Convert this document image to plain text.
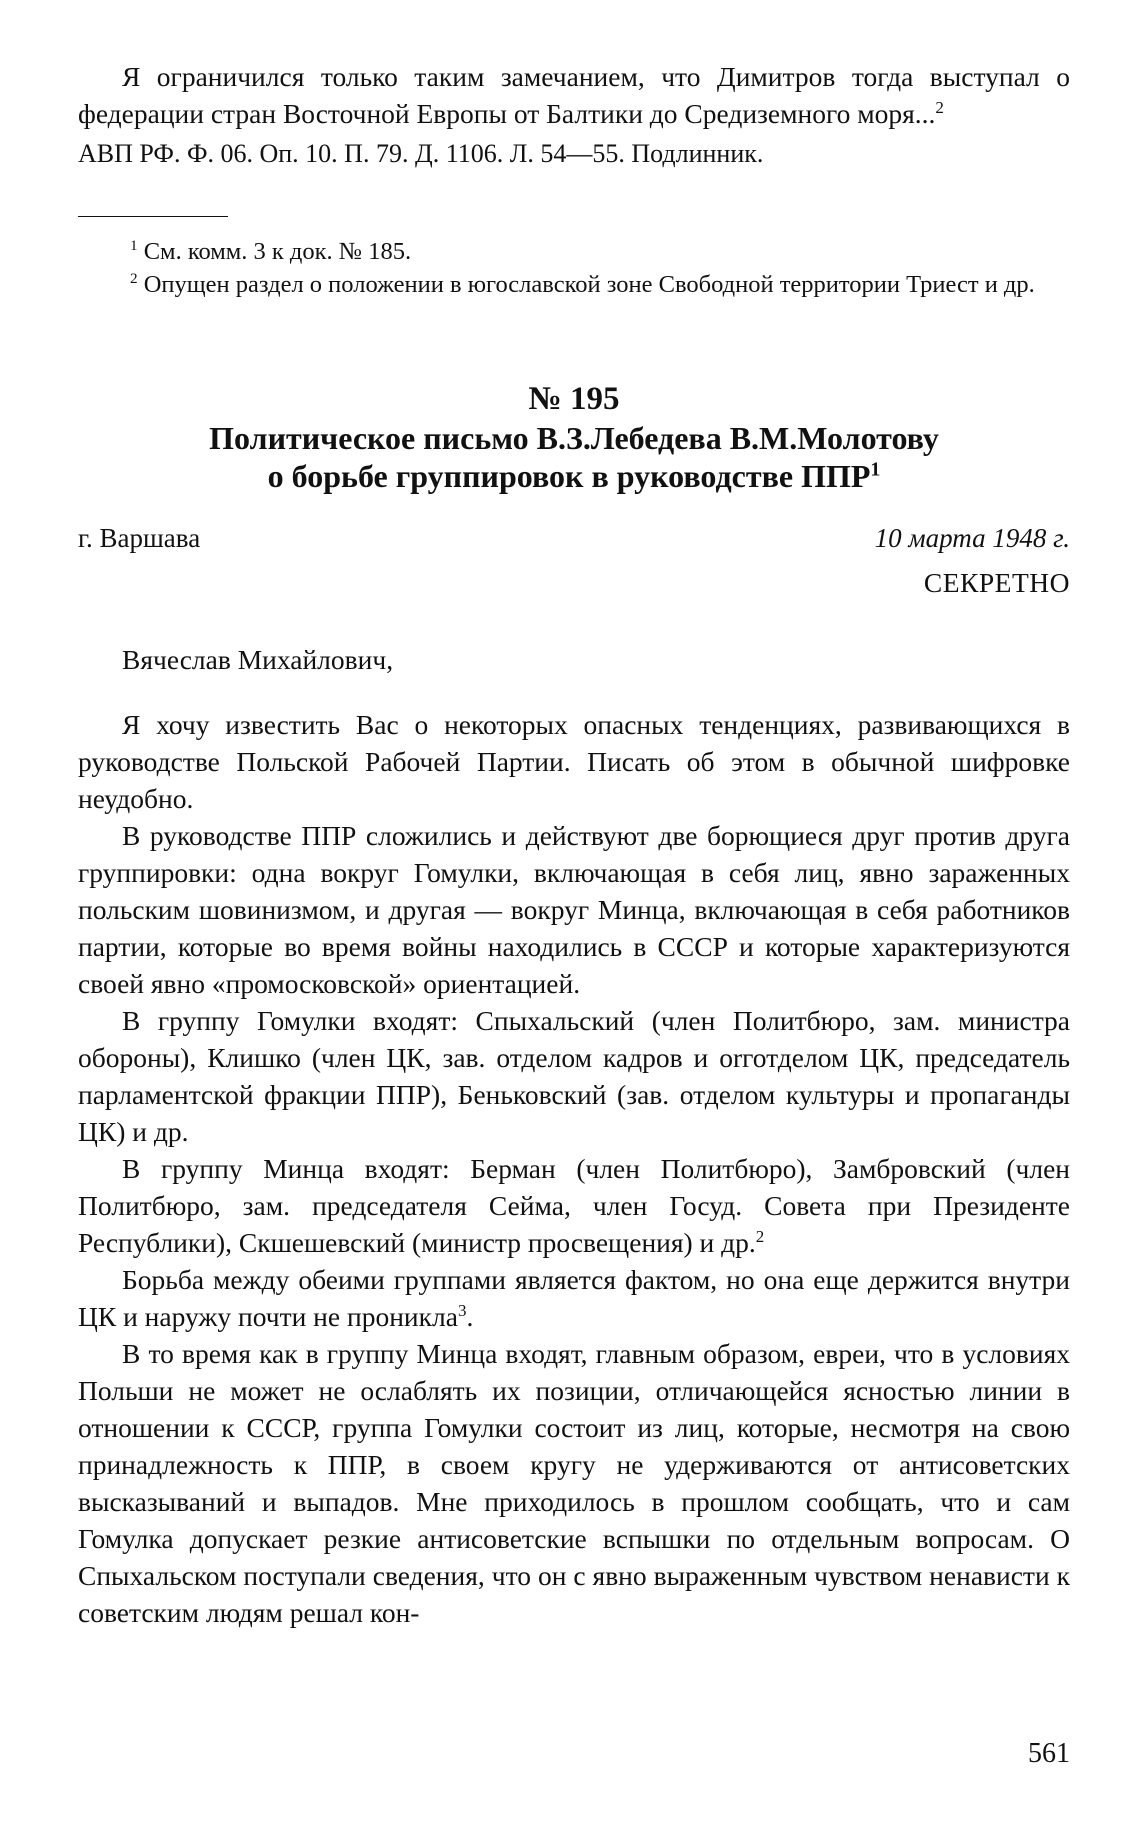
Я ограничился только таким замечанием, что Димитров тогда выступал о федерации стран Восточной Европы от Балтики до Средиземного моря...$^2$

АВП РФ. Ф. 06. Оп. 10. П. 79. Д. 1106. Л. 54—55. Подлинник.

$^1$ См. комм. 3 к док. № 185.

$^2$ Опущен раздел о положении в югославской зоне Свободной территории Триест и др.

№ 195
Политическое письмо В.З.Лебедева В.М.Молотову
о борьбе группировок в руководстве ППР$^1$
г. Варшава	10 марта 1948 г.
СЕКРЕТНО

Вячеслав Михайлович,

Я хочу известить Вас о некоторых опасных тенденциях, развивающихся в руководстве Польской Рабочей Партии. Писать об этом в обычной шифровке неудобно.

В руководстве ППР сложились и действуют две борющиеся друг против друга группировки: одна вокруг Гомулки, включающая в себя лиц, явно зараженных польским шовинизмом, и другая — вокруг Минца, включающая в себя работников партии, которые во время войны находились в СССР и которые характеризуются своей явно «промосковской» ориентацией.

В группу Гомулки входят: Спыхальский (член Политбюро, зам. министра обороны), Клишко (член ЦК, зав. отделом кадров и orготделом ЦК, председатель парламентской фракции ППР), Беньковский (зав. отделом культуры и пропаганды ЦК) и др.

В группу Минца входят: Берман (член Политбюро), Замбровский (член Политбюро, зам. председателя Сейма, член Госуд. Совета при Президенте Республики), Скшешевский (министр просвещения) и др.$^2$

Борьба между обеими группами является фактом, но она еще держится внутри ЦК и наружу почти не проникла$^3$.

В то время как в группу Минца входят, главным образом, евреи, что в условиях Польши не может не ослаблять их позиции, отличающейся ясностью линии в отношении к СССР, группа Гомулки состоит из лиц, которые, несмотря на свою принадлежность к ППР, в своем кругу не удерживаются от антисоветских высказываний и выпадов. Мне приходилось в прошлом сообщать, что и сам Гомулка допускает резкие антисоветские вспышки по отдельным вопросам. О Спыхальском поступали сведения, что он с явно выраженным чувством ненависти к советским людям решал кон-

561
